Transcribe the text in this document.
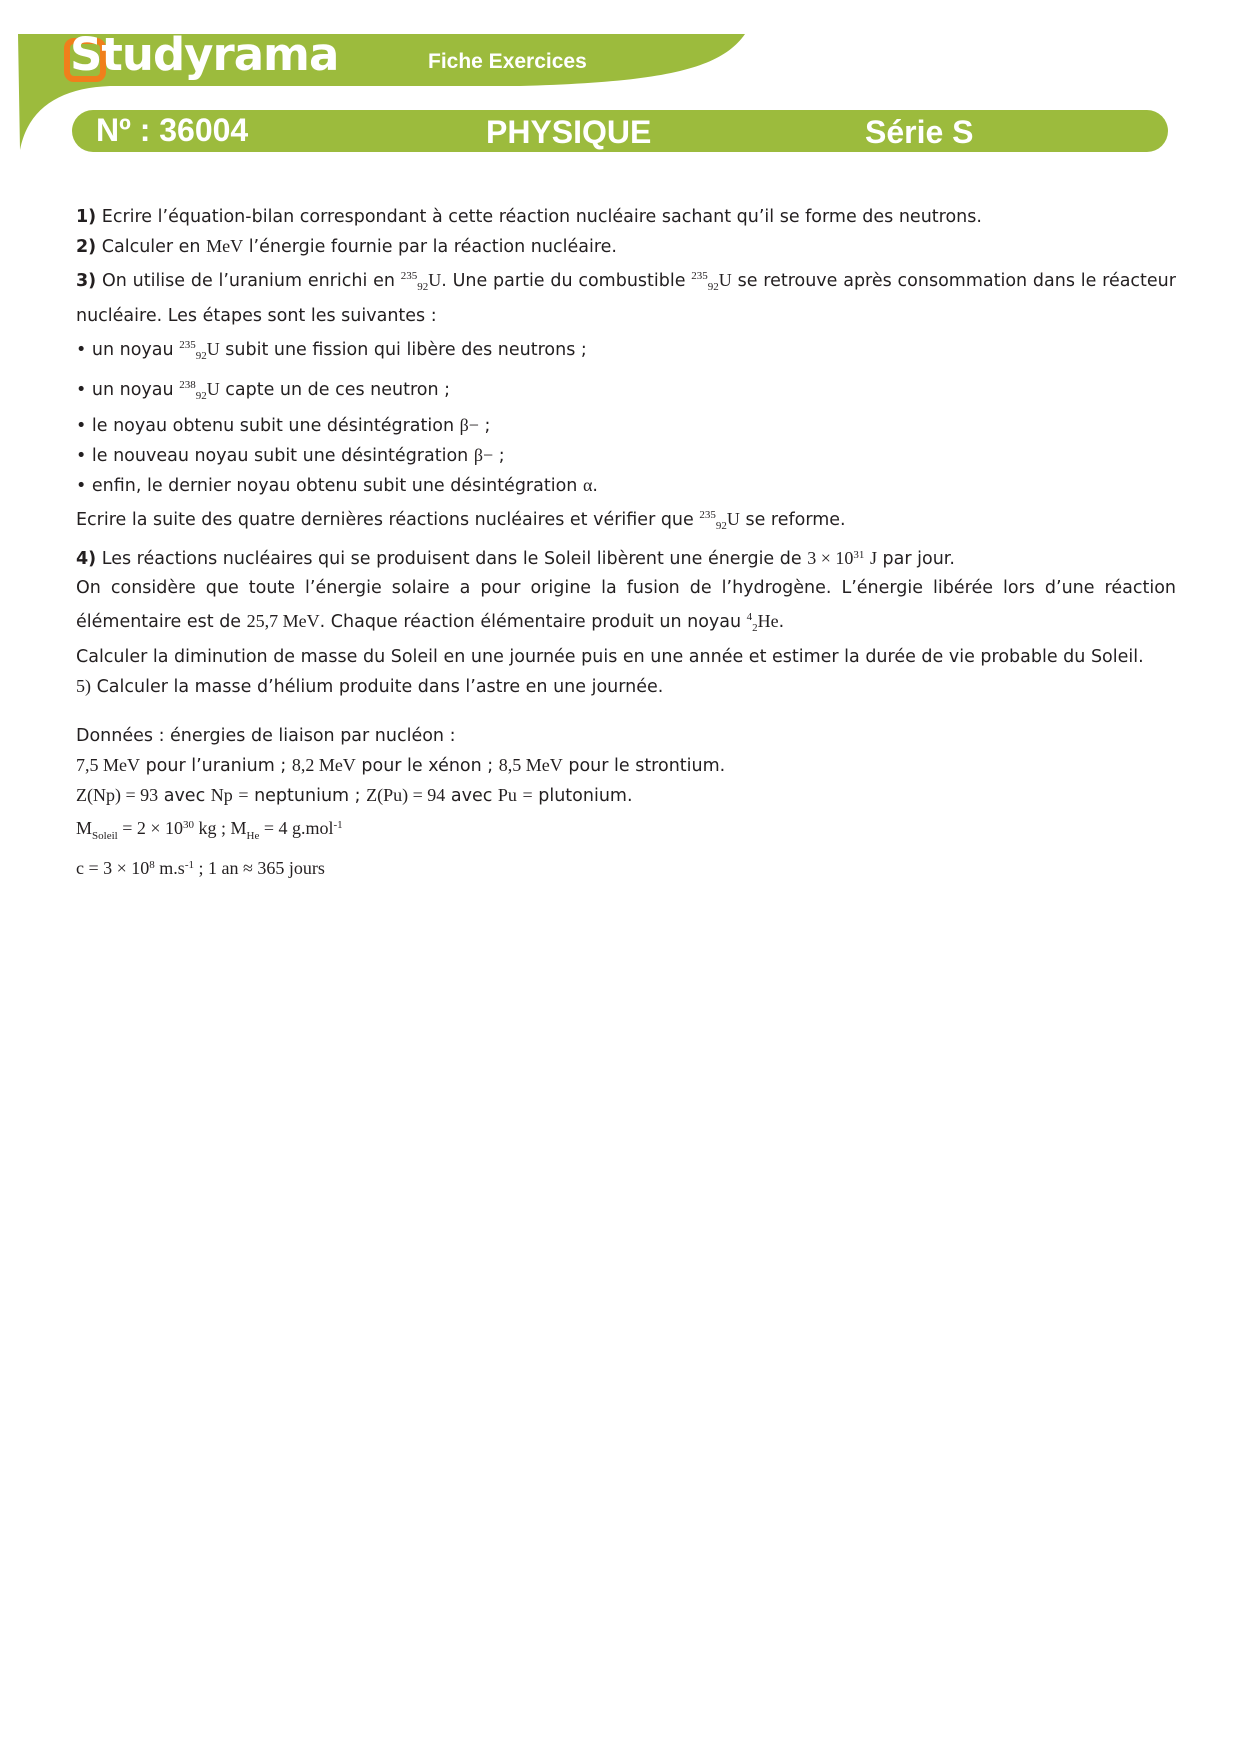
Studyrama	Fiche Exercices
Nº : 36004	PHYSIQUE	Série S

1) Ecrire l’équation-bilan correspondant à cette réaction nucléaire sachant qu’il se forme des neutrons.

2) Calculer en MeV l’énergie fournie par la réaction nucléaire.

3) On utilise de l’uranium enrichi en $^{235}_{92}$U. Une partie du combustible $^{235}_{92}$U se retrouve après consommation dans le réacteur nucléaire. Les étapes sont les suivantes :

• un noyau $^{235}_{92}$U subit une fission qui libère des neutrons ;

• un noyau $^{238}_{92}$U capte un de ces neutron ;

• le noyau obtenu subit une désintégration β− ;

• le nouveau noyau subit une désintégration β− ;

• enfin, le dernier noyau obtenu subit une désintégration α.

Ecrire la suite des quatre dernières réactions nucléaires et vérifier que $^{235}_{92}$U se reforme.

4) Les réactions nucléaires qui se produisent dans le Soleil libèrent une énergie de $3 \times 10^{31}$ J par jour.

On considère que toute l’énergie solaire a pour origine la fusion de l’hydrogène. L’énergie libérée lors d’une réaction élémentaire est de 25,7 MeV. Chaque réaction élémentaire produit un noyau $^4_2$He.

Calculer la diminution de masse du Soleil en une journée puis en une année et estimer la durée de vie probable du Soleil.

5) Calculer la masse d’hélium produite dans l’astre en une journée.

Données : énergies de liaison par nucléon :

7,5 MeV pour l’uranium ; 8,2 MeV pour le xénon ; 8,5 MeV pour le strontium.

Z(Np) = 93 avec Np = neptunium ; Z(Pu) = 94 avec Pu = plutonium.

$M_{Soleil} = 2 \times 10^{30}$ kg ; $M_{He} = 4$ g.mol$^{-1}$

$c = 3 \times 10^8$ $m.s^{-1}$ ; 1 an ≈ 365 jours
